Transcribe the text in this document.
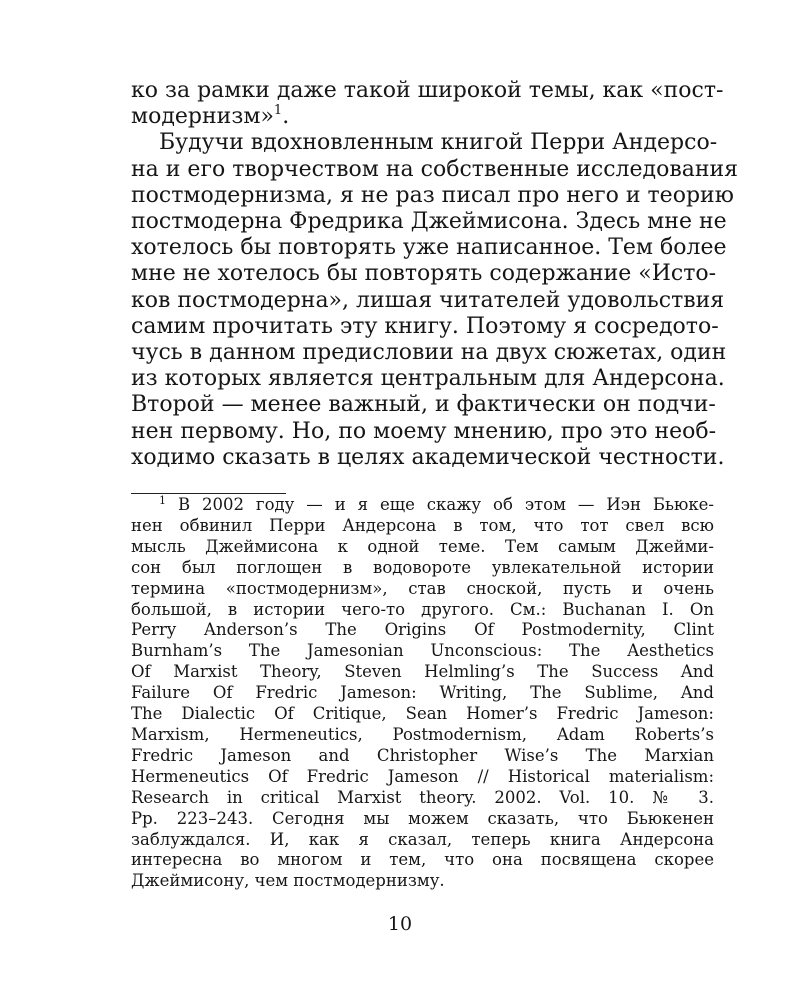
ко за рамки даже такой широкой темы, как «пост-
модернизм»$^1$.
Будучи вдохновленным книгой Перри Андерсо-
на и его творчеством на собственные исследования
постмодернизма, я не раз писал про него и теорию
постмодерна Фредрика Джеймисона. Здесь мне не
хотелось бы повторять уже написанное. Тем более
мне не хотелось бы повторять содержание «Исто-
ков постмодерна», лишая читателей удовольствия
самим прочитать эту книгу. Поэтому я сосредото-
чусь в данном предисловии на двух сюжетах, один
из которых является центральным для Андерсона.
Второй — менее важный, и фактически он подчи-
нен первому. Но, по моему мнению, про это необ-
ходимо сказать в целях академической честности.
$^1$ В 2002 году — и я еще скажу об этом — Иэн Бьюке-
нен обвинил Перри Андерсона в том, что тот свел всю
мысль Джеймисона к одной теме. Тем самым Джейми-
сон был поглощен в водовороте увлекательной истории
термина «постмодернизм», став сноской, пусть и очень
большой, в истории чего-то другого. См.: Buchanan I. On
Perry Anderson’s The Origins Of Postmodernity, Clint
Burnham’s The Jamesonian Unconscious: The Aesthetics
Of Marxist Theory, Steven Helmling’s The Success And
Failure Of Fredric Jameson: Writing, The Sublime, And
The Dialectic Of Critique, Sean Homer’s Fredric Jameson:
Marxism, Hermeneutics, Postmodernism, Adam Roberts’s
Fredric Jameson and Christopher Wise’s The Marxian
Hermeneutics Of Fredric Jameson // Historical materialism:
Research in critical Marxist theory. 2002. Vol. 10. № 3.
Pp. 223–243. Сегодня мы можем сказать, что Бьюкенен
заблуждался. И, как я сказал, теперь книга Андерсона
интересна во многом и тем, что она посвящена скорее
Джеймисону, чем постмодернизму.
10
